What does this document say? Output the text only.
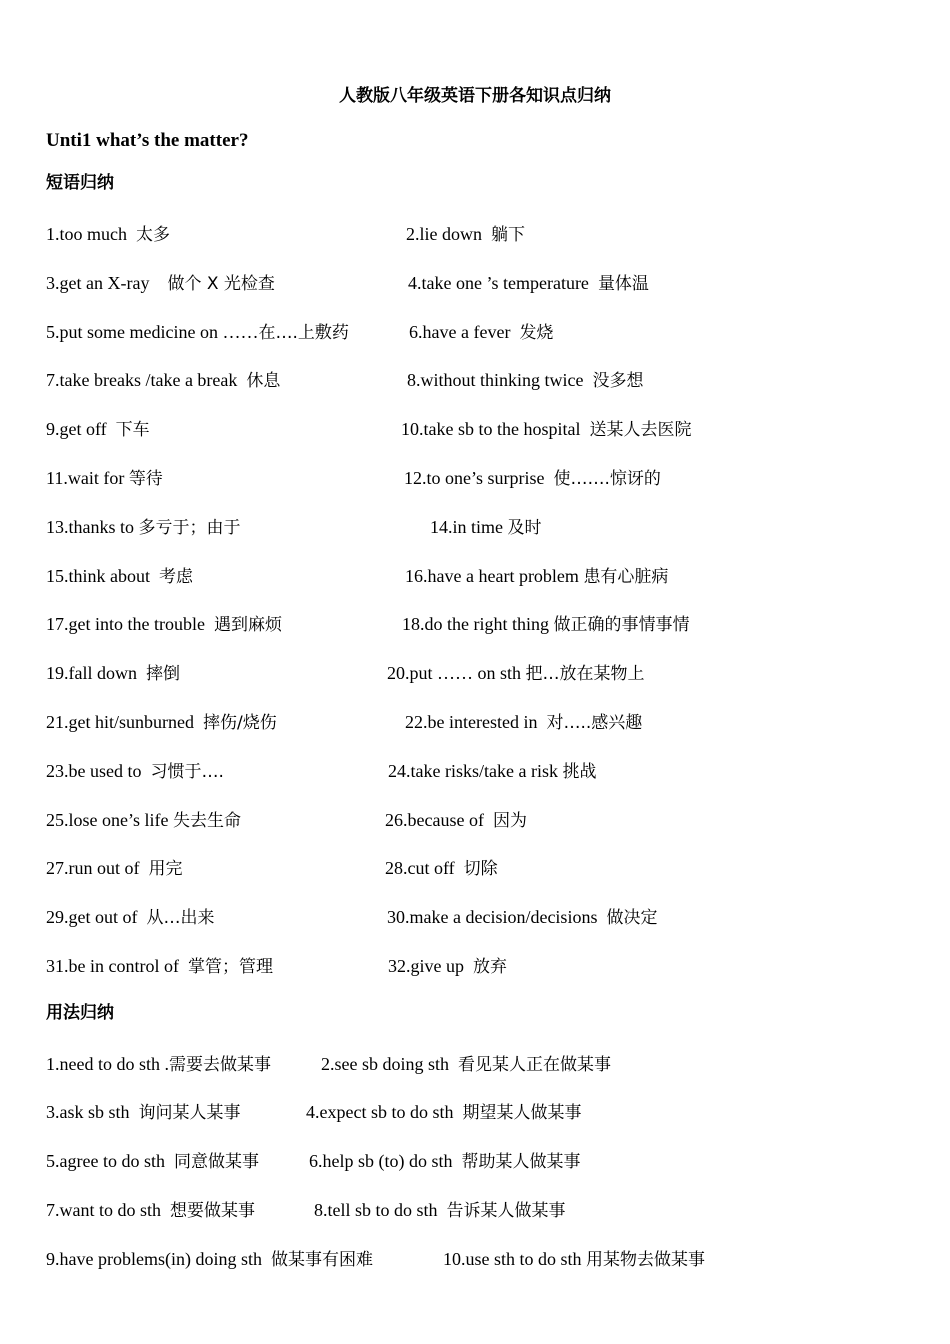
人教版八年级英语下册各知识点归纳
Unti1 what’s the matter?
短语归纳
1.too much 太多	2.lie down 躺下
3.get an X-ray 做个 X 光检查	4.take one ’s temperature 量体温
5.put some medicine on ……在….上敷药	6.have a fever 发烧
7.take breaks /take a break 休息	8.without thinking twice 没多想
9.get off 下车	10.take sb to the hospital 送某人去医院
11.wait for 等待	12.to one’s surprise 使…….惊讶的
13.thanks to 多亏于；由于	14.in time 及时
15.think about 考虑	16.have a heart problem 患有心脏病
17.get into the trouble 遇到麻烦	18.do the right thing 做正确的事情事情
19.fall down 摔倒	20.put …… on sth 把…放在某物上
21.get hit/sunburned 摔伤/烧伤	22.be interested in 对…..感兴趣
23.be used to 习惯于….	24.take risks/take a risk 挑战
25.lose one’s life 失去生命	26.because of 因为
27.run out of 用完	28.cut off 切除
29.get out of 从…出来	30.make a decision/decisions 做决定
31.be in control of 掌管；管理	32.give up 放弃
用法归纳
1.need to do sth .需要去做某事	2.see sb doing sth 看见某人正在做某事
3.ask sb sth 询问某人某事	4.expect sb to do sth 期望某人做某事
5.agree to do sth 同意做某事	6.help sb (to) do sth 帮助某人做某事
7.want to do sth 想要做某事	8.tell sb to do sth 告诉某人做某事
9.have problems(in) doing sth 做某事有困难	10.use sth to do sth 用某物去做某事
